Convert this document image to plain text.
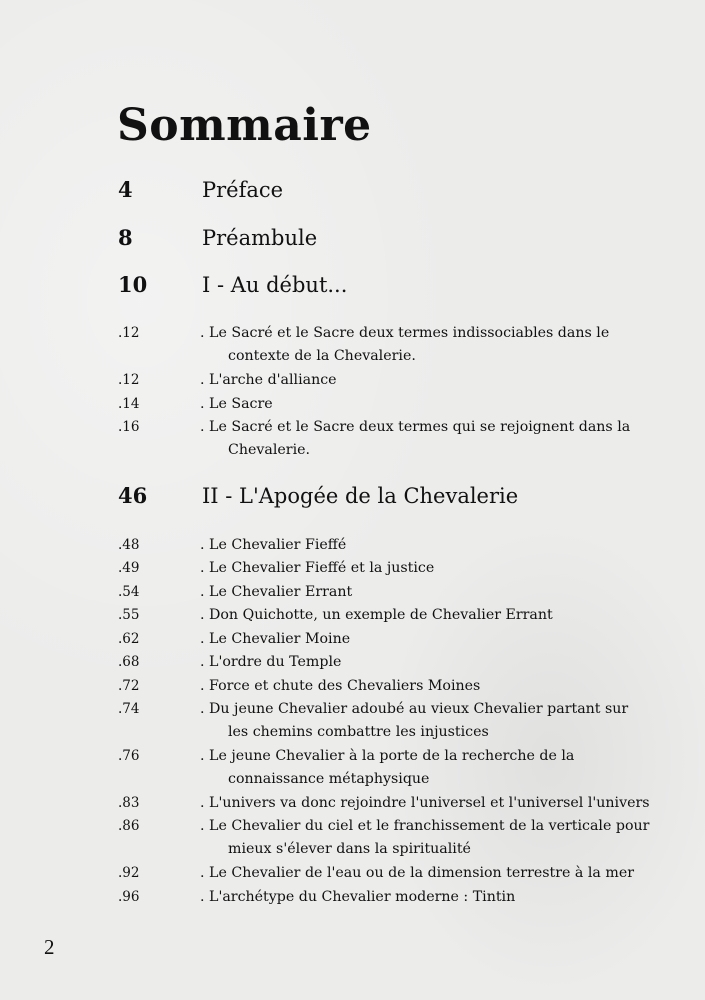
Sommaire
4	Préface
8	Préambule
10	I - Au début...
.12	. Le Sacré et le Sacre deux termes indissociables dans le
contexte de la Chevalerie.
.12	. L'arche d'alliance
.14	. Le Sacre
.16	. Le Sacré et le Sacre deux termes qui se rejoignent dans la
Chevalerie.
46	II - L'Apogée de la Chevalerie
.48	. Le Chevalier Fieffé
.49	. Le Chevalier Fieffé et la justice
.54	. Le Chevalier Errant
.55	. Don Quichotte, un exemple de Chevalier Errant
.62	. Le Chevalier Moine
.68	. L'ordre du Temple
.72	. Force et chute des Chevaliers Moines
.74	. Du jeune Chevalier adoubé au vieux Chevalier partant sur
les chemins combattre les injustices
.76	. Le jeune Chevalier à la porte de la recherche de la
connaissance métaphysique
.83	. L'univers va donc rejoindre l'universel et l'universel l'univers
.86	. Le Chevalier du ciel et le franchissement de la verticale pour
mieux s'élever dans la spiritualité
.92	. Le Chevalier de l'eau ou de la dimension terrestre à la mer
.96	. L'archétype du Chevalier moderne : Tintin
2
